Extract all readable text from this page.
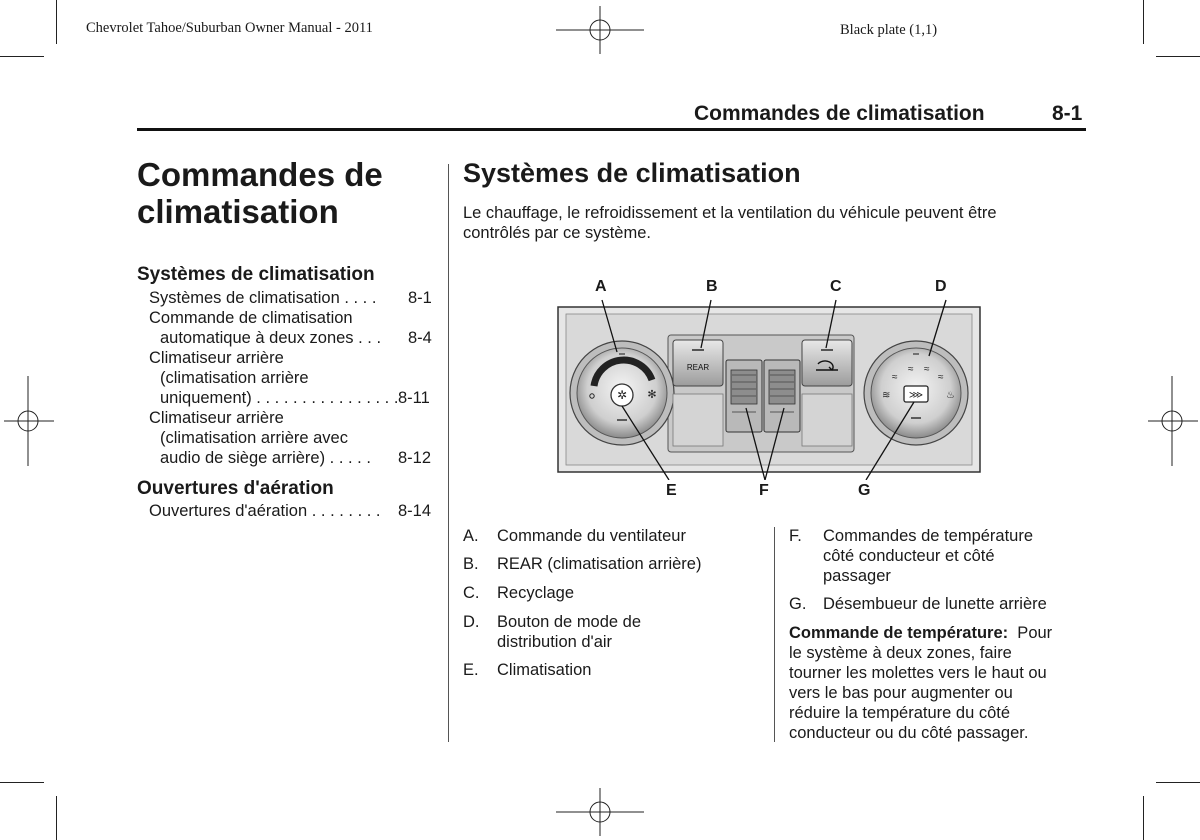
Chevrolet Tahoe/Suburban Owner Manual - 2011	Black plate (1,1)
Commandes de climatisation	8-1
Commandes de
climatisation
Systèmes de climatisation
Systèmes de climatisation . . . . 8-1
Commande de climatisation
automatique à deux zones . . . 8-4
Climatiseur arrière
(climatisation arrière
uniquement) . . . . . . . . . . . . . . . . 8-11
Climatiseur arrière
(climatisation arrière avec
audio de siège arrière) . . . . . 8-12
Ouvertures d'aération
Ouvertures d'aération . . . . . . . . 8-14
Systèmes de climatisation
Le chauffage, le refroidissement et la ventilation du véhicule peuvent être
contrôlés par ce système.
A	B	C	D
E	F	G
✲ ✻
REAR
≈
≈ ≈
≈
♨
≋ ⋙
A. Commande du ventilateur
B. REAR (climatisation arrière)
C. Recyclage
D. Bouton de mode de
distribution d'air
E. Climatisation
F. Commandes de température
côté conducteur et côté
passager
G. Désembueur de lunette arrière
Commande de température:  Pour
le système à deux zones, faire
tourner les molettes vers le haut ou
vers le bas pour augmenter ou
réduire la température du côté
conducteur ou du côté passager.
